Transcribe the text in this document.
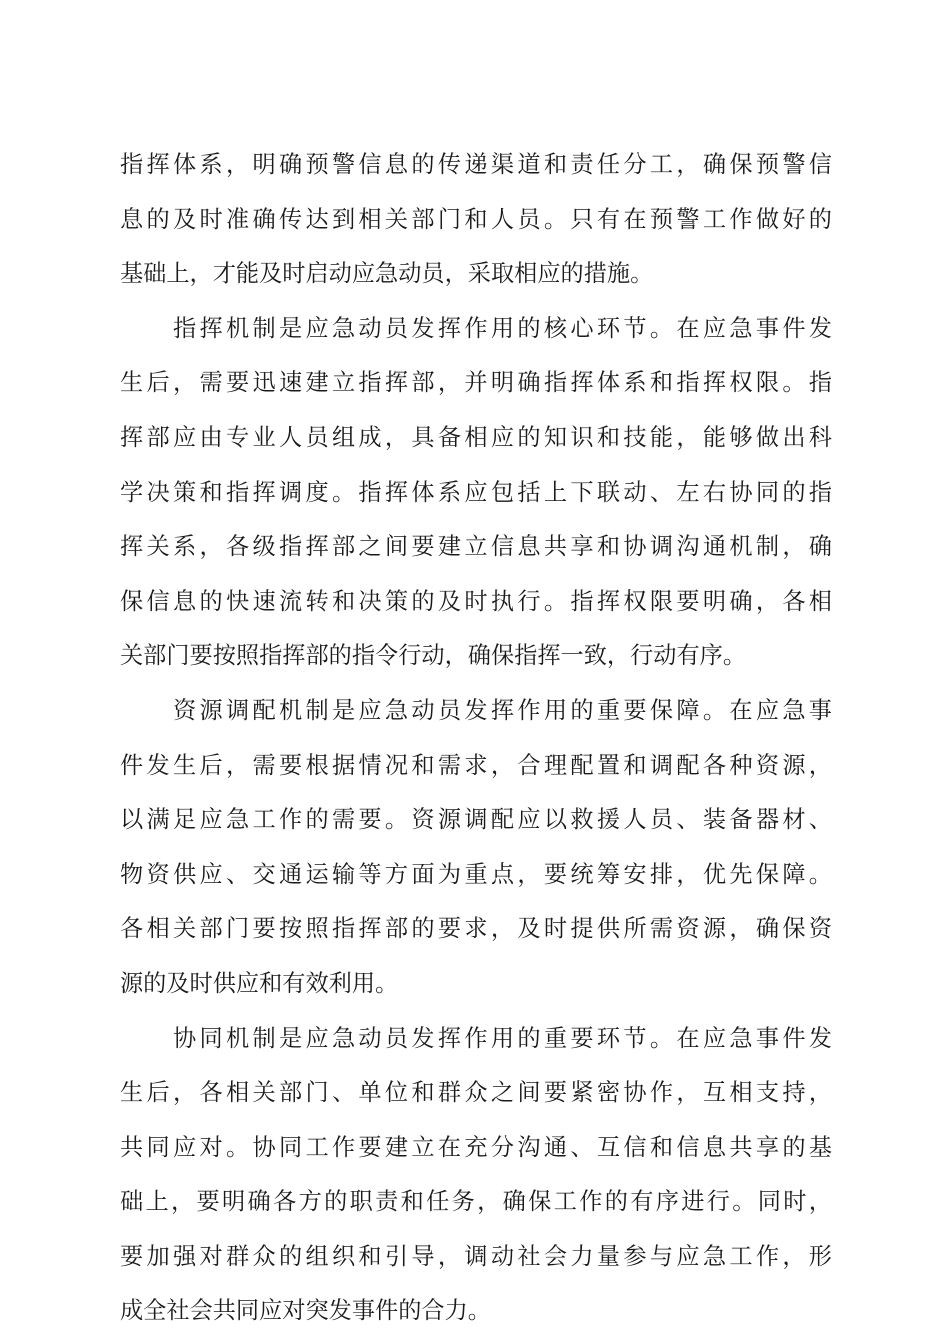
指挥体系，明确预警信息的传递渠道和责任分工，确保预警信
息的及时准确传达到相关部门和人员。只有在预警工作做好的
基础上，才能及时启动应急动员，采取相应的措施。
　　指挥机制是应急动员发挥作用的核心环节。在应急事件发
生后，需要迅速建立指挥部，并明确指挥体系和指挥权限。指
挥部应由专业人员组成，具备相应的知识和技能，能够做出科
学决策和指挥调度。指挥体系应包括上下联动、左右协同的指
挥关系，各级指挥部之间要建立信息共享和协调沟通机制，确
保信息的快速流转和决策的及时执行。指挥权限要明确，各相
关部门要按照指挥部的指令行动，确保指挥一致，行动有序。
　　资源调配机制是应急动员发挥作用的重要保障。在应急事
件发生后，需要根据情况和需求，合理配置和调配各种资源，
以满足应急工作的需要。资源调配应以救援人员、装备器材、
物资供应、交通运输等方面为重点，要统筹安排，优先保障。
各相关部门要按照指挥部的要求，及时提供所需资源，确保资
源的及时供应和有效利用。
　　协同机制是应急动员发挥作用的重要环节。在应急事件发
生后，各相关部门、单位和群众之间要紧密协作，互相支持，
共同应对。协同工作要建立在充分沟通、互信和信息共享的基
础上，要明确各方的职责和任务，确保工作的有序进行。同时，
要加强对群众的组织和引导，调动社会力量参与应急工作，形
成全社会共同应对突发事件的合力。
